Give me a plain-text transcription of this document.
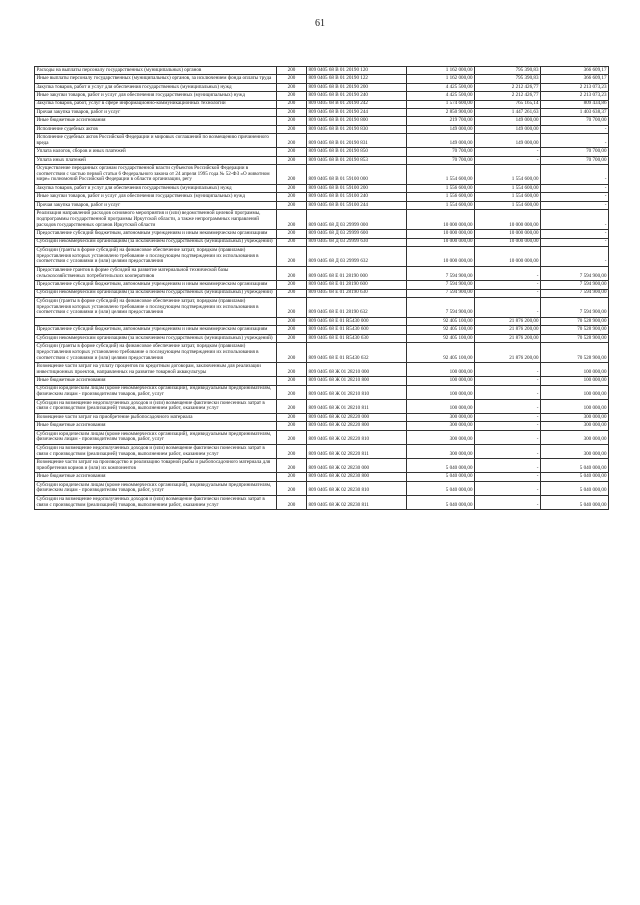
61
Расходы на выплаты персоналу государственных (муниципальных) органов	200	809 0405 68 В 01 20190 120	1 162 000,00	795 390,83	366 609,17
Иные выплаты персоналу государственных (муниципальных) органов, за исключением фонда оплаты труда	200	809 0405 68 В 01 20190 122	1 162 000,00	795 390,83	366 609,17
Закупка товаров, работ и услуг для обеспечения государственных (муниципальных) нужд	200	809 0405 68 В 01 20190 200	4 425 500,00	2 212 426,77	2 213 073,23
Иные закупки товаров, работ и услуг для обеспечения государственных (муниципальных) нужд	200	809 0405 68 В 01 20190 240	4 425 500,00	2 212 426,77	2 213 073,23
Закупка товаров, работ, услуг в сфере информационно-коммуникационных технологий	200	809 0405 68 В 01 20190 242	1 574 600,00	765 165,14	809 434,86
Прочая закупка товаров, работ и услуг	200	809 0405 68 В 01 20190 244	2 850 900,00	1 447 261,63	1 403 638,37
Иные бюджетные ассигнования	200	809 0405 68 В 01 20190 800	219 700,00	149 000,00	70 700,00
Исполнение судебных актов	200	809 0405 68 В 01 20190 830	149 000,00	149 000,00	-
Исполнение судебных актов Российской Федерации и мировых соглашений по возмещению причиненного вреда	200	809 0405 68 В 01 20190 831	149 000,00	149 000,00	-
Уплата налогов, сборов и иных платежей	200	809 0405 68 В 01 20190 850	70 700,00	-	70 700,00
Уплата иных платежей	200	809 0405 68 В 01 20190 853	70 700,00	-	70 700,00
Осуществление переданных органам государственной власти субъектов Российской Федерации в соответствии с частью первой статьи 6 Федерального закона от 24 апреля 1995 года № 52-ФЗ «О животном мире» полномочий Российской Федерации в области организации, регу	200	809 0405 68 В 01 59100 000	1 554 600,00	1 554 600,00	-
Закупка товаров, работ и услуг для обеспечения государственных (муниципальных) нужд	200	809 0405 68 В 01 59100 200	1 556 600,00	1 554 600,00	-
Иные закупки товаров, работ и услуг для обеспечения государственных (муниципальных) нужд	200	809 0405 68 В 01 59100 240	1 556 600,00	1 554 600,00	-
Прочая закупка товаров, работ и услуг	200	809 0405 68 В 01 59100 244	1 554 600,00	1 554 600,00	-
Реализация направлений расходов основного мероприятия и (или) ведомственной целевой программы, подпрограммы государственной программы Иркутской области, а также непрограммных направлений расходов государственных органов Иркутской области	200	809 0405 68 Д 03 29999 000	10 000 000,00	10 000 000,00	-
Предоставление субсидий бюджетным, автономным учреждениям и иным некоммерческим организациям	200	809 0405 68 Д 03 29999 600	10 000 000,00	10 000 000,00	-
Субсидии некоммерческим организациям (за исключением государственных (муниципальных) учреждений)	200	809 0405 68 Д 03 29999 630	10 000 000,00	10 000 000,00	-
Субсидии (гранты в форме субсидий) на финансовое обеспечение затрат, порядком (правилами) предоставления которых установлено требование о последующем подтверждении их использования в соответствии с условиями и (или) целями предоставления	200	809 0405 68 Д 03 29999 632	10 000 000,00	10 000 000,00	-
Предоставление грантов в форме субсидий на развитие материальной технической базы сельскохозяйственных потребительских кооперативов	200	809 0405 68 Е 01 28190 000	7 594 900,00	-	7 594 900,00
Предоставление субсидий бюджетным, автономным учреждениям и иным некоммерческим организациям	200	809 0405 68 Е 01 28190 600	7 594 900,00	-	7 594 900,00
Субсидии некоммерческим организациям (за исключением государственных (муниципальных) учреждений)	200	809 0405 68 Е 01 28190 630	7 594 900,00	-	7 594 900,00
Субсидии (гранты в форме субсидий) на финансовое обеспечение затрат, порядком (правилами) предоставления которых установлено требование о последующем подтверждении их использования в соответствии с условиями и (или) целями предоставления	200	809 0405 68 Е 01 28190 632	7 594 900,00	-	7 594 900,00
	200	809 0405 68 Е 01 R5430 000	92 405 100,00	21 876 200,00	70 528 900,00
Предоставление субсидий бюджетным, автономным учреждениям и иным некоммерческим организациям	200	809 0405 68 Е 01 R5430 600	92 405 100,00	21 876 200,00	70 528 900,00
Субсидии некоммерческим организациям (за исключением государственных (муниципальных) учреждений)	200	809 0405 68 Е 01 R5430 630	92 405 100,00	21 876 200,00	70 528 900,00
Субсидии (гранты в форме субсидий) на финансовое обеспечение затрат, порядком (правилами) предоставления которых установлено требование о последующем подтверждении их использования в соответствии с условиями и (или) целями предоставления	200	809 0405 68 Е 01 R5430 632	92 405 100,00	21 876 200,00	70 528 900,00
Возмещение части затрат на уплату процентов по кредитным договорам, заключенным для реализации инвестиционных проектов, направленных на развитие товарной аквакультуры	200	809 0405 68 Ж 01 28210 000	100 000,00	-	100 000,00
Иные бюджетные ассигнования	200	809 0405 68 Ж 01 28210 800	100 000,00	-	100 000,00
Субсидии юридическим лицам (кроме некоммерческих организаций), индивидуальным предпринимателям, физическим лицам - производителям товаров, работ, услуг	200	809 0405 68 Ж 01 28210 810	100 000,00	-	100 000,00
Субсидии на возмещение недополученных доходов и (или) возмещение фактически понесенных затрат в связи с производством (реализацией) товаров, выполнением работ, оказанием услуг	200	809 0405 68 Ж 01 28210 811	100 000,00	-	100 000,00
Возмещение части затрат на приобретение рыбопосадочного материала	200	809 0405 68 Ж 02 28220 000	300 000,00	-	300 000,00
Иные бюджетные ассигнования	200	809 0405 68 Ж 02 28220 800	300 000,00	-	300 000,00
Субсидии юридическим лицам (кроме некоммерческих организаций), индивидуальным предпринимателям, физическим лицам - производителям товаров, работ, услуг	200	809 0405 68 Ж 02 28220 810	300 000,00	-	300 000,00
Субсидии на возмещение недополученных доходов и (или) возмещение фактически понесенных затрат в связи с производством (реализацией) товаров, выполнением работ, оказанием услуг	200	809 0405 68 Ж 02 28220 811	300 000,00	-	300 000,00
Возмещение части затрат на производство и реализацию товарной рыбы и рыбопосадочного материала для приобретения кормов и (или) их компонентов	200	809 0405 68 Ж 02 28230 000	5 040 000,00	-	5 040 000,00
Иные бюджетные ассигнования	200	809 0405 68 Ж 02 28230 800	5 040 000,00	-	5 040 000,00
Субсидии юридическим лицам (кроме некоммерческих организаций), индивидуальным предпринимателям, физическим лицам - производителям товаров, работ, услуг	200	809 0405 68 Ж 02 28230 810	5 040 000,00	-	5 040 000,00
Субсидии на возмещение недополученных доходов и (или) возмещение фактически понесенных затрат в связи с производством (реализацией) товаров, выполнением работ, оказанием услуг	200	809 0405 68 Ж 02 28230 811	5 040 000,00	-	5 040 000,00
